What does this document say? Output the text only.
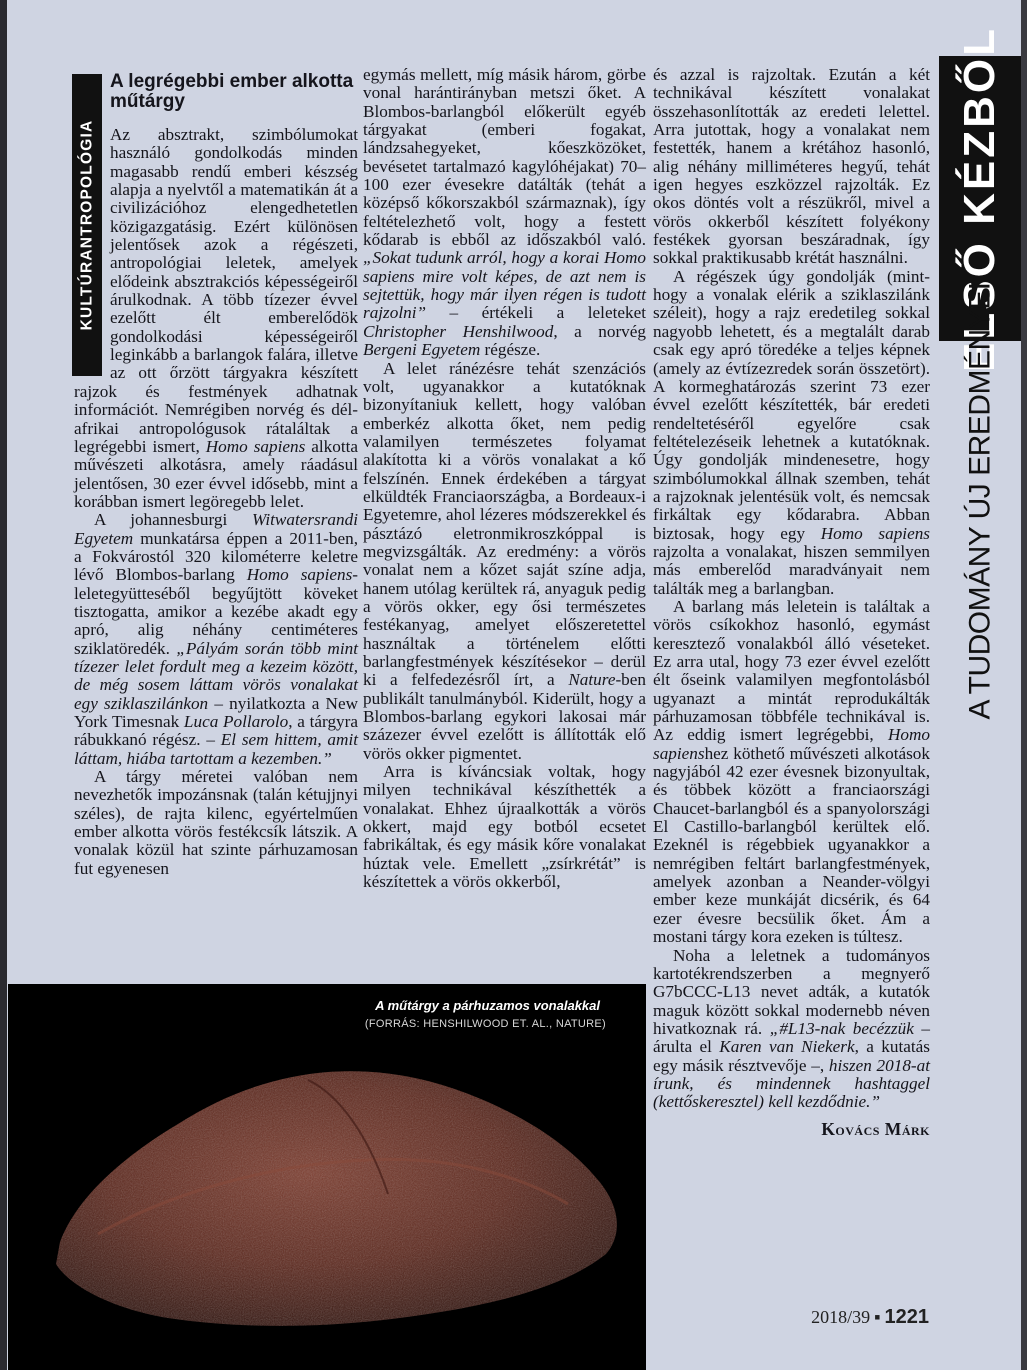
KULTÚRANTROPOLÓGIA
A legrégebbi ember alkotta műtárgy

Az absztrakt, szimbólumokat használó gondolkodás minden magasabb rendű emberi készség alapja a nyelvtől a matematikán át a civilizációhoz elengedhetetlen közigazgatásig. Ezért különösen jelentősek azok a régészeti, antropológiai leletek, amelyek elődeink absztrakciós képességeiről árulkodnak. A több tízezer évvel ezelőtt élt emberelődök gondolkodási képességeiről leginkább a barlangok falára, illetve az ott őrzött tárgyakra készített rajzok és festmények adhatnak információt. Nemrégiben norvég és dél-afrikai antropológusok rátaláltak a legrégebbi ismert, Homo sapiens alkotta művészeti alkotásra, amely ráadásul jelentősen, 30 ezer évvel idősebb, mint a korábban ismert legöregebb lelet.

A johannesburgi Witwatersrandi Egyetem munkatársa éppen a 2011-ben, a Fokvárostól 320 kilométerre keletre lévő Blombos-barlang Homo sapiens-leletegyütteséből begyűjtött köveket tisztogatta, amikor a kezébe akadt egy apró, alig néhány centiméteres sziklatöredék. „Pályám során több mint tízezer lelet fordult meg a kezeim között, de még sosem láttam vörös vonalakat egy sziklaszilánkon – nyilatkozta a New York Timesnak Luca Pollarolo, a tárgyra rábukkanó régész. – El sem hittem, amit láttam, hiába tartottam a kezemben.”

A tárgy méretei valóban nem nevezhetők impozánsnak (talán kétujjnyi széles), de rajta kilenc, egyértelműen ember alkotta vörös festékcsík látszik. A vonalak közül hat szinte párhuzamosan fut egyenesen

egymás mellett, míg másik három, görbe vonal harántirányban metszi őket. A Blombos-barlangból előkerült egyéb tárgyakat (emberi fogakat, lándzsahegyeket, kőeszközöket, bevésetet tartalmazó kagylóhéjakat) 70–100 ezer évesekre datálták (tehát a középső kőkorszakból származnak), így feltételezhető volt, hogy a festett kődarab is ebből az időszakból való. „Sokat tudunk arról, hogy a korai Homo sapiens mire volt képes, de azt nem is sejtettük, hogy már ilyen régen is tudott rajzolni” – értékeli a leleteket Christopher Henshilwood, a norvég Bergeni Egyetem régésze.

A lelet ránézésre tehát szenzációs volt, ugyanakkor a kutatóknak bizonyítaniuk kellett, hogy valóban emberkéz alkotta őket, nem pedig valamilyen természetes folyamat alakította ki a vörös vonalakat a kő felszínén. Ennek érdekében a tárgyat elküldték Franciaországba, a Bordeaux-i Egyetemre, ahol lézeres módszerekkel és pásztázó eletronmikroszkóppal is megvizsgálták. Az eredmény: a vörös vonalat nem a kőzet saját színe adja, hanem utólag kerültek rá, anyaguk pedig a vörös okker, egy ősi természetes festékanyag, amelyet előszeretettel használtak a történelem előtti barlangfestmények készítésekor – derül ki a felfedezésről írt, a Nature-ben publikált tanulmányból. Kiderült, hogy a Blombos-barlang egykori lakosai már százezer évvel ezelőtt is állították elő vörös okker pigmentet.

Arra is kíváncsiak voltak, hogy milyen technikával készíthették a vonalakat. Ehhez újraalkották a vörös okkert, majd egy botból ecsetet fabrikáltak, és egy másik kőre vonalakat húztak vele. Emellett „zsírkrétát” is készítettek a vörös okkerből,

és azzal is rajzoltak. Ezután a két technikával készített vonalakat összehasonlították az eredeti lelettel. Arra jutottak, hogy a vonalakat nem festették, hanem a krétához hasonló, alig néhány milliméteres hegyű, tehát igen hegyes eszközzel rajzolták. Ez okos döntés volt a részükről, mivel a vörös okkerből készített folyékony festékek gyorsan beszáradnak, így sokkal praktikusabb krétát használni.

A régészek úgy gondolják (mint-hogy a vonalak elérik a sziklaszilánk széleit), hogy a rajz eredetileg sokkal nagyobb lehetett, és a megtalált darab csak egy apró töredéke a teljes képnek (amely az évtízezredek során összetört). A kormeghatározás szerint 73 ezer évvel ezelőtt készítették, bár eredeti rendeltetéséről egyelőre csak feltételezéseik lehetnek a kutatóknak. Úgy gondolják mindenesetre, hogy szimbólumokkal állnak szemben, tehát a rajzoknak jelentésük volt, és nemcsak firkáltak egy kődarabra. Abban biztosak, hogy egy Homo sapiens rajzolta a vonalakat, hiszen semmilyen más emberelőd maradványait nem találták meg a barlangban.

A barlang más leletein is találtak a vörös csíkokhoz hasonló, egymást keresztező vonalakból álló véseteket. Ez arra utal, hogy 73 ezer évvel ezelőtt élt őseink valamilyen megfontolásból ugyanazt a mintát reprodukálták párhuzamosan többféle technikával is. Az eddig ismert legrégebbi, Homo sapienshez köthető művészeti alkotások nagyjából 42 ezer évesnek bizonyultak, és többek között a franciaországi Chaucet-barlangból és a spanyolországi El Castillo-barlangból kerültek elő. Ezeknél is régebbiek ugyanakkor a nemrégiben feltárt barlangfestmények, amelyek azonban a Neander-völgyi ember keze munkáját dicsérik, és 64 ezer évesre becsülik őket. Ám a mostani tárgy kora ezeken is túltesz.

Noha a leletnek a tudományos kartotékrendszerben a megnyerő G7bCCC-L13 nevet adták, a kutatók maguk között sokkal modernebb néven hivatkoznak rá. „#L13-nak becézzük – árulta el Karen van Niekerk, a kutatás egy másik résztvevője –, hiszen 2018-at írunk, és mindennek hashtaggel (kettőskeresztel) kell kezdődnie.”

Kovács Márk
ELSŐ KÉZBŐL
A TUDOMÁNY ÚJ EREDMÉNYEI
A műtárgy a párhuzamos vonalakkal
(FORRÁS: HENSHILWOOD ET. AL., NATURE)
2018/39 ▪ 1221
